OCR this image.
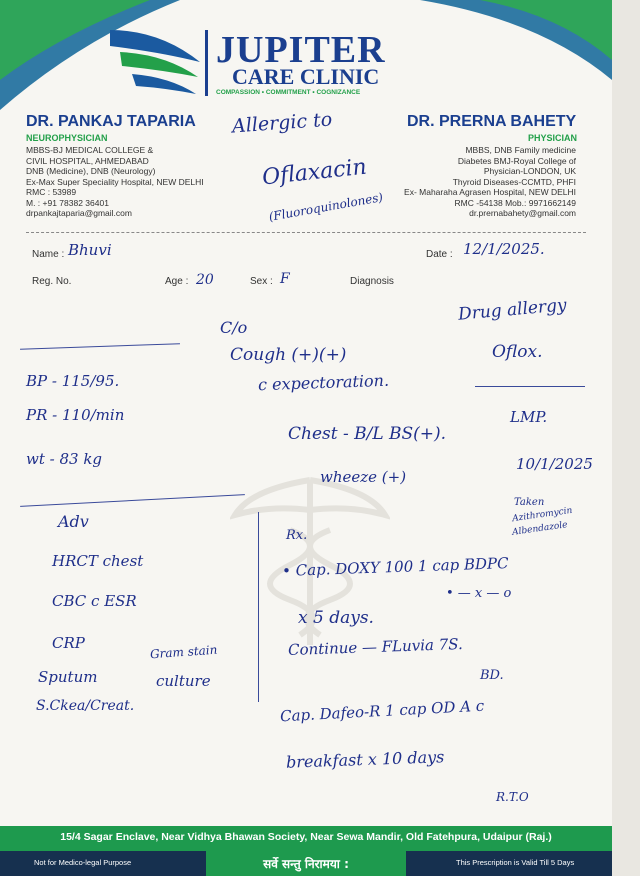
JUPITER
CARE CLINIC
COMPASSION • COMMITMENT • COGNIZANCE
DR. PANKAJ TAPARIA
NEUROPHYSICIAN
MBBS-BJ MEDICAL COLLEGE &
CIVIL HOSPITAL, AHMEDABAD
DNB (Medicine), DNB (Neurology)
Ex-Max Super Speciality Hospital, NEW DELHI
RMC : 53989
M. : +91 78382 36401
drpankajtaparia@gmail.com
DR. PRERNA BAHETY
PHYSICIAN
MBBS, DNB Family medicine
Diabetes BMJ-Royal College of
Physician-LONDON, UK
Thyroid Diseases-CCMTD, PHFI
Ex- Maharaha Agrasen Hospital, NEW DELHI
RMC -54138 Mob.: 9971662149
dr.prernabahety@gmail.com
Allergic to
Oflaxacin
(Fluoroquinolones)
Name : Bhuvi	Date : 12/1/2025.
Reg. No.	Age : 20	Sex : F	Diagnosis
BP - 115/95.
PR - 110/min
wt - 83 kg
C/o
Cough (+)(+)
c expectoration.
Chest - B/L BS(+).
wheeze (+)
Drug allergy
Oflox.
LMP.
10/1/2025
Taken
Azithromycin
Albendazole
Adv
HRCT chest
CBC c ESR
CRP
Sputum
Gram stain
culture
S.Ckea/Creat.
Rx.
• Cap. DOXY 100 1 cap BDPC
• — x — o
x 5 days.
Continue — FLuvia 7S.
BD.
Cap. Dafeo-R 1 cap OD A c
breakfast x 10 days
R.T.O
15/4 Sagar Enclave, Near Vidhya Bhawan Society, Near Sewa Mandir, Old Fatehpura, Udaipur (Raj.)
Not for Medico-legal Purpose	सर्वे सन्तु निरामया :	This Prescription is Valid Till 5 Days
